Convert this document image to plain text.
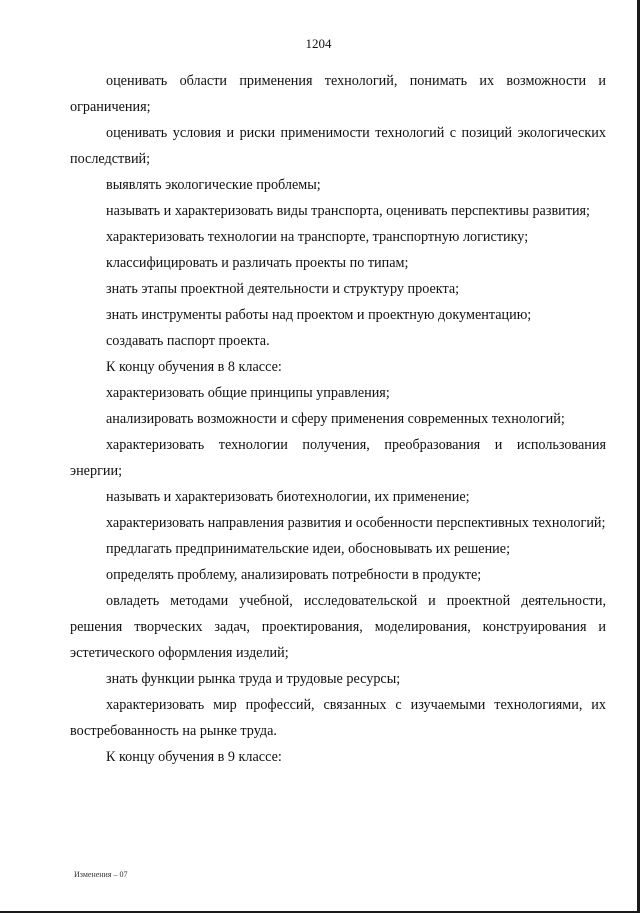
1204

оценивать области применения технологий, понимать их возможности и ограничения;

оценивать условия и риски применимости технологий с позиций экологических последствий;

выявлять экологические проблемы;

называть и характеризовать виды транспорта, оценивать перспективы развития;

характеризовать технологии на транспорте, транспортную логистику;

классифицировать и различать проекты по типам;

знать этапы проектной деятельности и структуру проекта;

знать инструменты работы над проектом и проектную документацию;

создавать паспорт проекта.

К концу обучения в 8 классе:

характеризовать общие принципы управления;

анализировать возможности и сферу применения современных технологий;

характеризовать технологии получения, преобразования и использования энергии;

называть и характеризовать биотехнологии, их применение;

характеризовать направления развития и особенности перспективных технологий;

предлагать предпринимательские идеи, обосновывать их решение;

определять проблему, анализировать потребности в продукте;

овладеть методами учебной, исследовательской и проектной деятельности, решения творческих задач, проектирования, моделирования, конструирования и эстетического оформления изделий;

знать функции рынка труда и трудовые ресурсы;

характеризовать мир профессий, связанных с изучаемыми технологиями, их востребованность на рынке труда.

К концу обучения в 9 классе:

Изменения – 07
